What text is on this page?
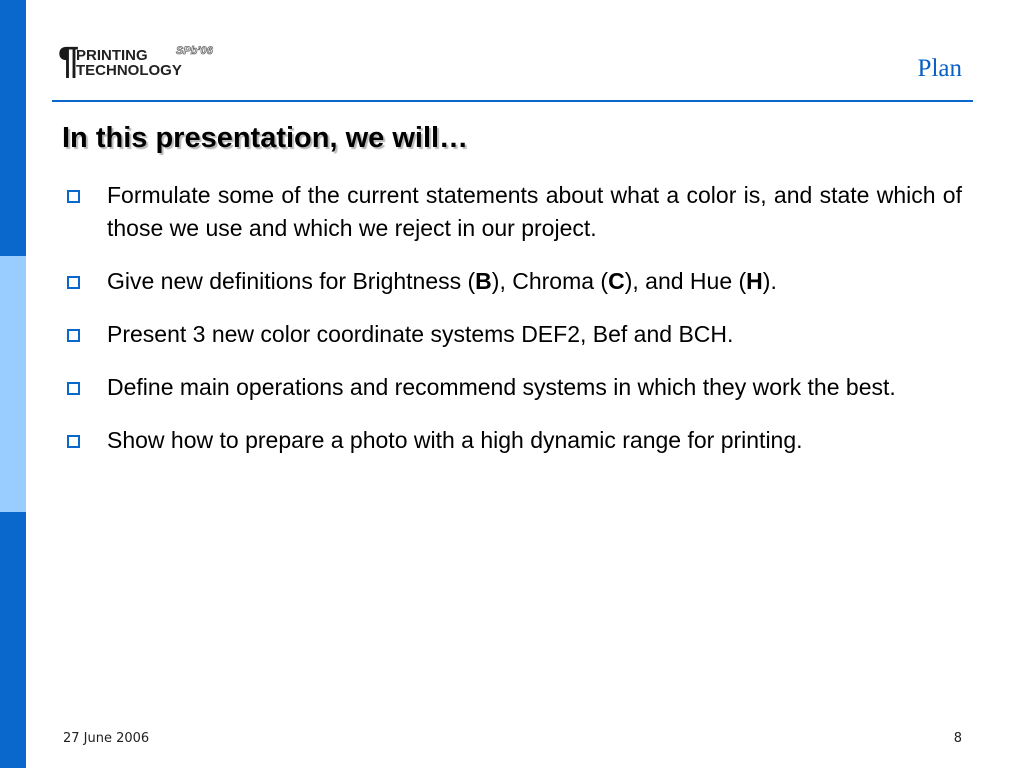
¶
PRINTING
TECHNOLOGY
SPb’06
Plan
In this presentation, we will…
Formulate some of the current statements about what a color is, and state which of those we use and which we reject in our project.
Give new definitions for Brightness (B), Chroma (C), and Hue (H).
Present 3 new color coordinate systems DEF2, Bef and BCH.
Define main operations and recommend systems in which they work the best.
Show how to prepare a photo with a high dynamic range for printing.
27 June 2006	8
